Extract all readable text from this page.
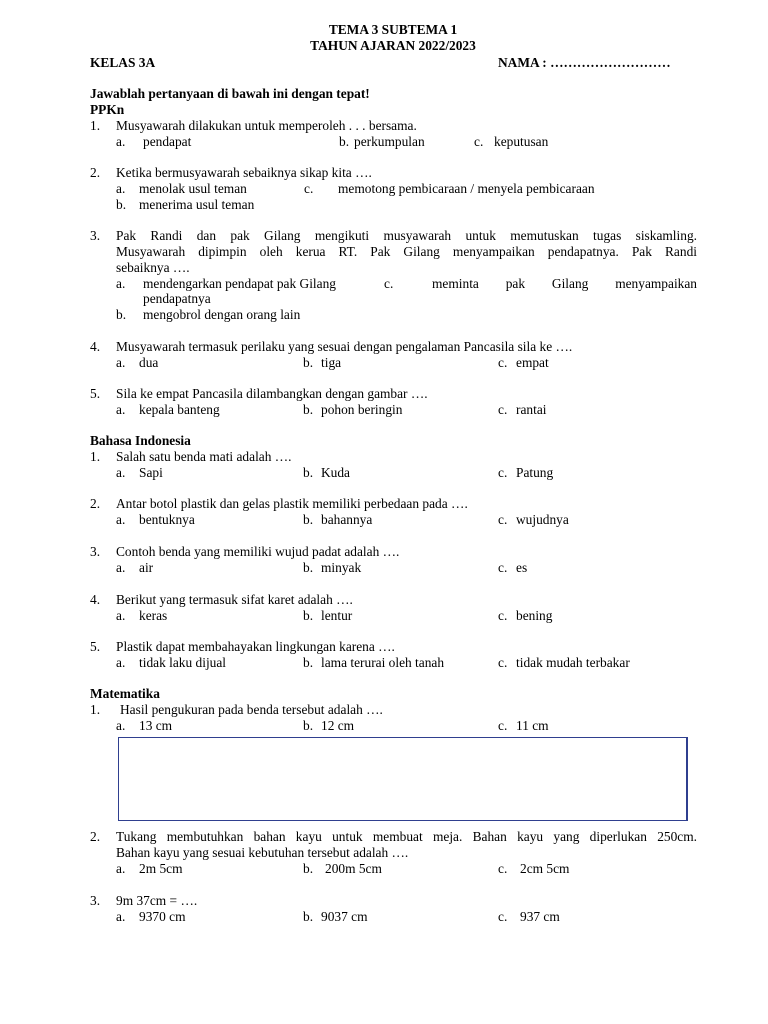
TEMA 3 SUBTEMA 1
TAHUN AJARAN 2022/2023
KELAS 3A	NAMA : ………………………
Jawablah pertanyaan di bawah ini dengan tepat!
PPKn
1. Musyawarah dilakukan untuk memperoleh . . . bersama.
a. pendapat	b. perkumpulan	c. keputusan
2. Ketika bermusyawarah sebaiknya sikap kita ….
a. menolak usul teman	c. memotong pembicaraan / menyela pembicaraan
b. menerima usul teman
3. Pak Randi dan pak Gilang mengikuti musyawarah untuk memutuskan tugas siskamling.
Musyawarah dipimpin oleh kerua RT. Pak Gilang menyampaikan pendapatnya. Pak Randi
sebaiknya ….
a. mendengarkan pendapat pak Gilang	c.	meminta pak Gilang menyampaikan
pendapatnya
b. mengobrol dengan orang lain
4. Musyawarah termasuk perilaku yang sesuai dengan pengalaman Pancasila sila ke ….
a. dua	b. tiga	c. empat
5. Sila ke empat Pancasila dilambangkan dengan gambar ….
a. kepala banteng	b. pohon beringin	c. rantai
Bahasa Indonesia
1. Salah satu benda mati adalah ….
a. Sapi	b. Kuda	c. Patung
2. Antar botol plastik dan gelas plastik memiliki perbedaan pada ….
a. bentuknya	b. bahannya	c. wujudnya
3. Contoh benda yang memiliki wujud padat adalah ….
a. air	b. minyak	c. es
4. Berikut yang termasuk sifat karet adalah ….
a. keras	b. lentur	c. bening
5. Plastik dapat membahayakan lingkungan karena ….
a. tidak laku dijual	b. lama terurai oleh tanah	c. tidak mudah terbakar
Matematika
1. Hasil pengukuran pada benda tersebut adalah ….
a. 13 cm	b. 12 cm	c. 11 cm
2. Tukang membutuhkan bahan kayu untuk membuat meja. Bahan kayu yang diperlukan 250cm.
Bahan kayu yang sesuai kebutuhan tersebut adalah ….
a. 2m 5cm	b. 200m 5cm	c. 2cm 5cm
3. 9m 37cm = ….
a. 9370 cm	b. 9037 cm	c. 937 cm
